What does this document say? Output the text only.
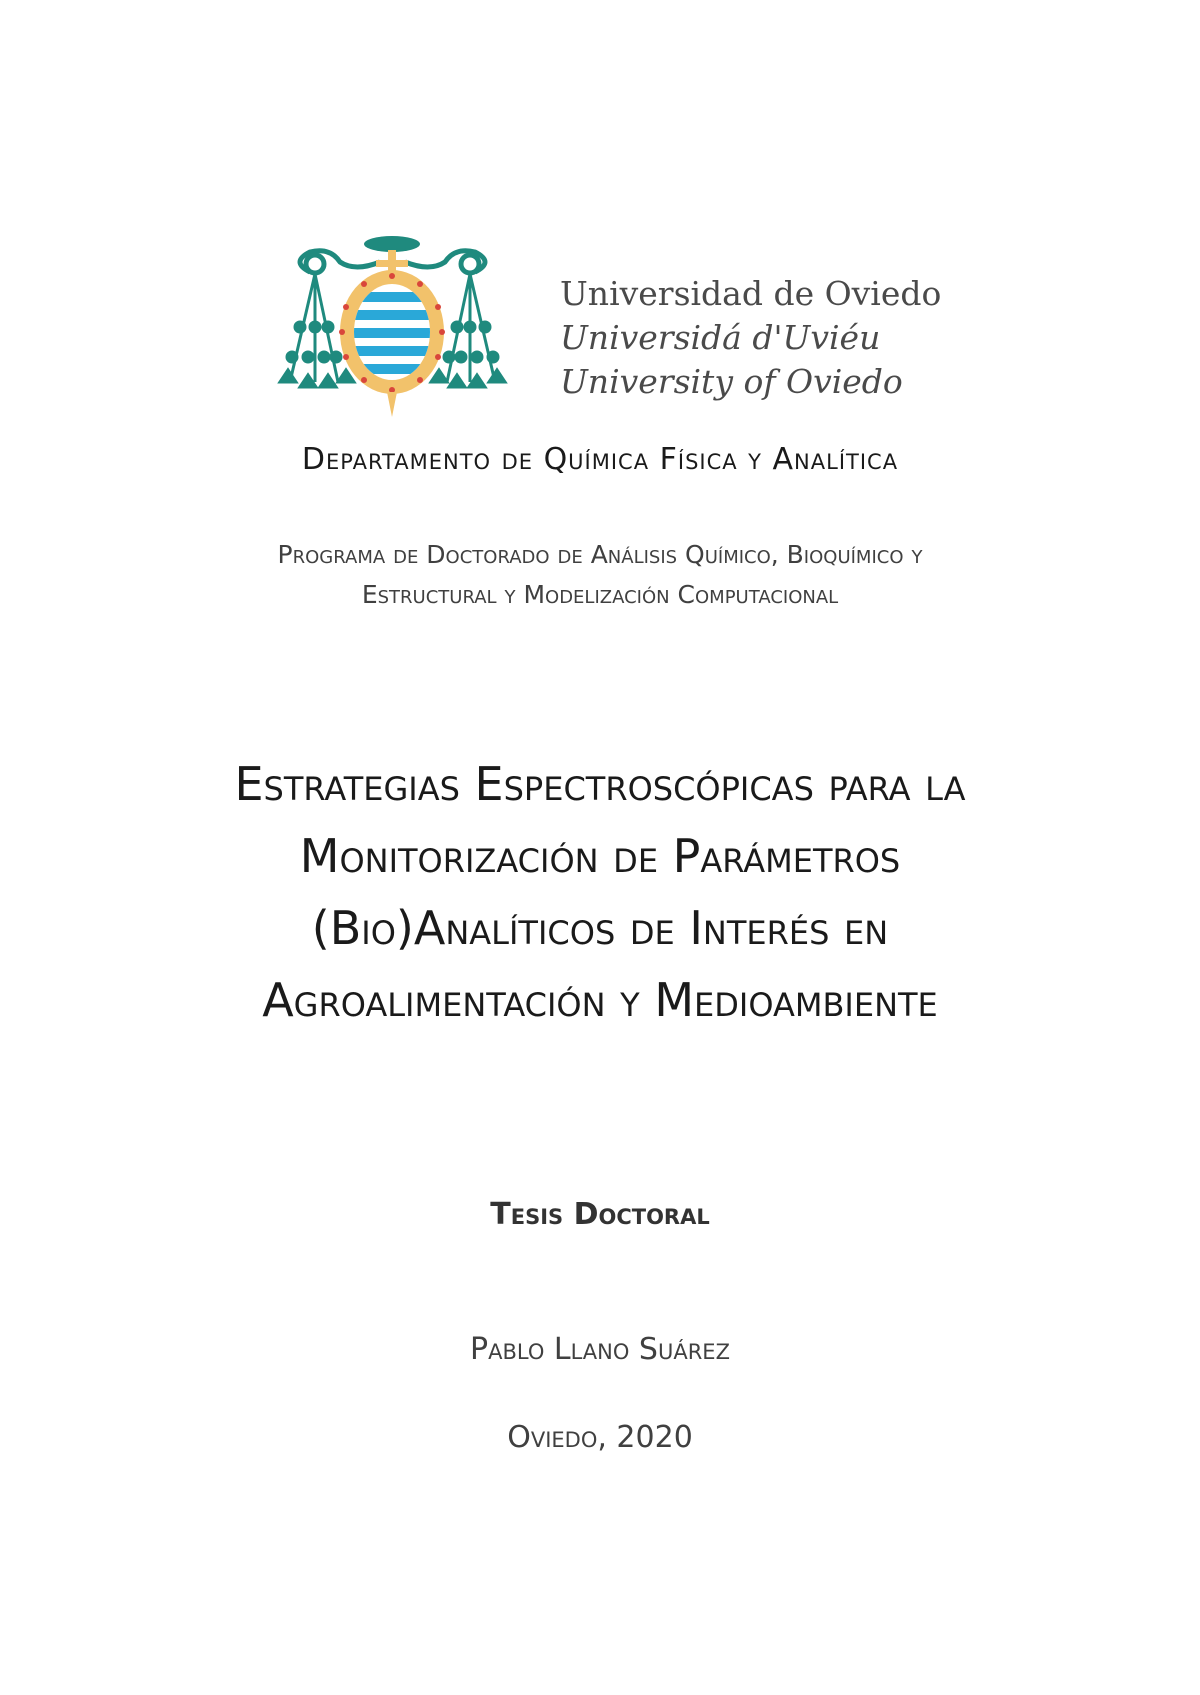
Universidad de Oviedo
Universidá d'Uviéu
University of Oviedo
Departamento de Química Física y Analítica
Programa de Doctorado de Análisis Químico, Bioquímico y
Estructural y Modelización Computacional
Estrategias Espectroscópicas para la
Monitorización de Parámetros
(Bio)Analíticos de Interés en
Agroalimentación y Medioambiente
Tesis Doctoral
Pablo Llano Suárez
Oviedo, 2020
